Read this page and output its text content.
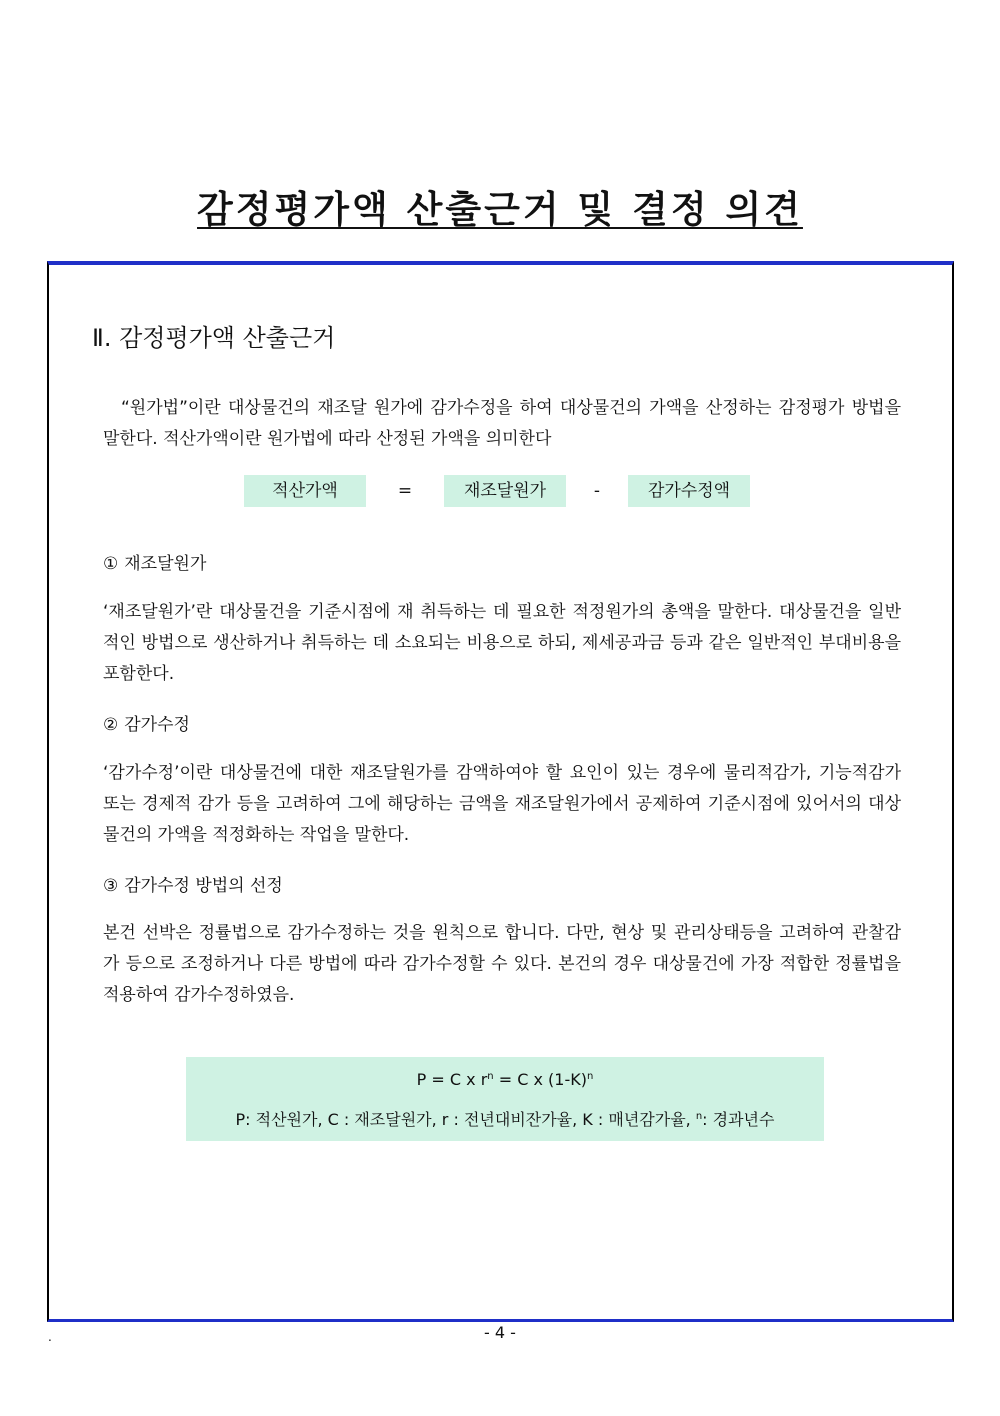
감정평가액 산출근거 및 결정 의견
Ⅱ. 감정평가액 산출근거
“원가법”이란 대상물건의 재조달 원가에 감가수정을 하여 대상물건의 가액을 산정하는 감정평가 방법을 말한다. 적산가액이란 원가법에 따라 산정된 가액을 의미한다
적산가액	=	재조달원가	-	감가수정액
① 재조달원가
‘재조달원가’란 대상물건을 기준시점에 재 취득하는 데 필요한 적정원가의 총액을 말한다. 대상물건을 일반적인 방법으로 생산하거나 취득하는 데 소요되는 비용으로 하되, 제세공과금 등과 같은 일반적인 부대비용을 포함한다.
② 감가수정
‘감가수정’이란 대상물건에 대한 재조달원가를 감액하여야 할 요인이 있는 경우에 물리적감가, 기능적감가 또는 경제적 감가 등을 고려하여 그에 해당하는 금액을 재조달원가에서 공제하여 기준시점에 있어서의 대상물건의 가액을 적정화하는 작업을 말한다.
③ 감가수정 방법의 선정
본건 선박은 정률법으로 감가수정하는 것을 원칙으로 합니다. 다만, 현상 및 관리상태등을 고려하여 관찰감가 등으로 조정하거나 다른 방법에 따라 감가수정할 수 있다. 본건의 경우 대상물건에 가장 적합한 정률법을 적용하여 감가수정하였음.
P = C x $r^n = C$ x $(1-K)^n$
P: 적산원가, C : 재조달원가, r : 전년대비잔가율, K : 매년감가율, $^n$: 경과년수
- 4 -
.
